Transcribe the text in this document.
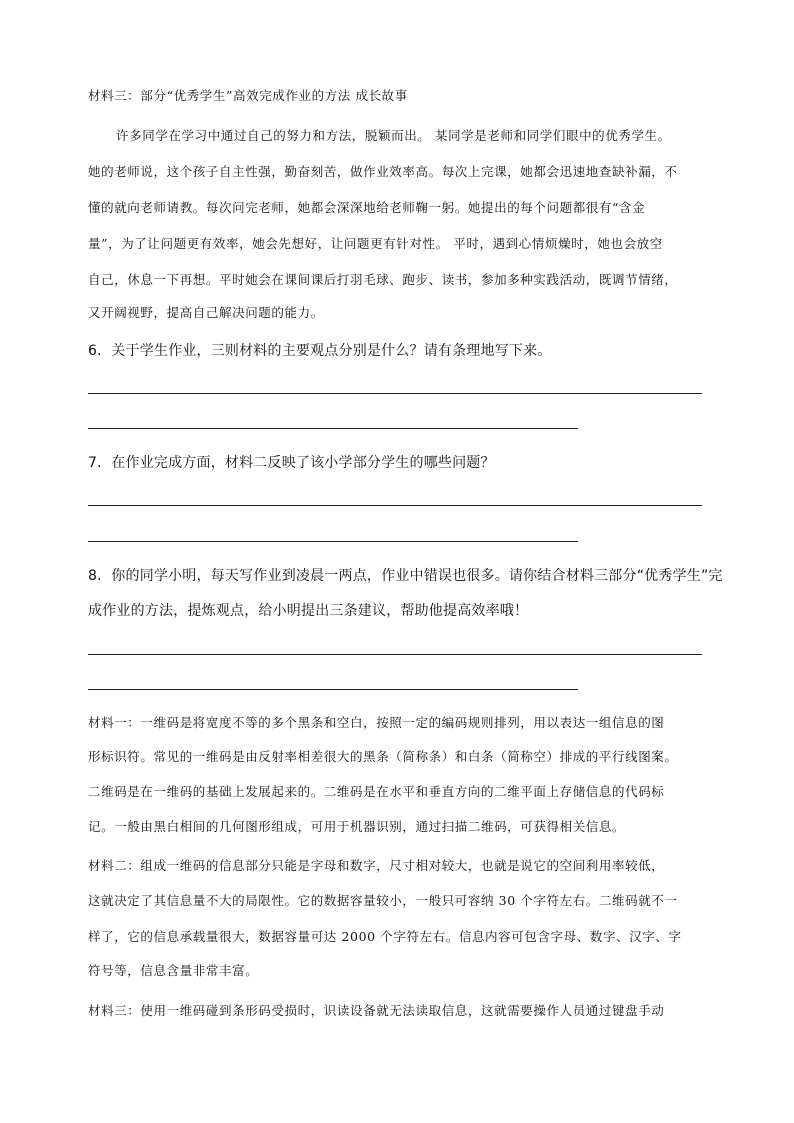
材料三：部分“优秀学生”高效完成作业的方法 成长故事
许多同学在学习中通过自己的努力和方法，脱颖而出。 某同学是老师和同学们眼中的优秀学生。
她的老师说，这个孩子自主性强，勤奋刻苦，做作业效率高。每次上完课，她都会迅速地查缺补漏，不
懂的就向老师请教。每次问完老师，她都会深深地给老师鞠一躬。她提出的每个问题都很有“含金
量”，为了让问题更有效率，她会先想好，让问题更有针对性。 平时，遇到心情烦燥时，她也会放空
自己，休息一下再想。平时她会在课间课后打羽毛球、跑步、读书，参加多种实践活动，既调节情绪，
又开阔视野，提高自己解决问题的能力。
6．关于学生作业，三则材料的主要观点分别是什么？请有条理地写下来。
7．在作业完成方面，材料二反映了该小学部分学生的哪些问题？
8．你的同学小明，每天写作业到凌晨一两点，作业中错误也很多。请你结合材料三部分“优秀学生”完
成作业的方法，提炼观点，给小明提出三条建议，帮助他提高效率哦！
材料一：一维码是将宽度不等的多个黑条和空白，按照一定的编码规则排列，用以表达一组信息的图
形标识符。常见的一维码是由反射率相差很大的黑条（简称条）和白条（简称空）排成的平行线图案。
二维码是在一维码的基础上发展起来的。二维码是在水平和垂直方向的二维平面上存储信息的代码标
记。一般由黑白相间的几何图形组成，可用于机器识别，通过扫描二维码，可获得相关信息。
材料二：组成一维码的信息部分只能是字母和数字，尺寸相对较大，也就是说它的空间利用率较低，
这就决定了其信息量不大的局限性。它的数据容量较小，一般只可容纳 30 个字符左右。二维码就不一
样了，它的信息承载量很大，数据容量可达 2000 个字符左右。信息内容可包含字母、数字、汉字、字
符号等，信息含量非常丰富。
材料三：使用一维码碰到条形码受损时，识读设备就无法读取信息，这就需要操作人员通过键盘手动
